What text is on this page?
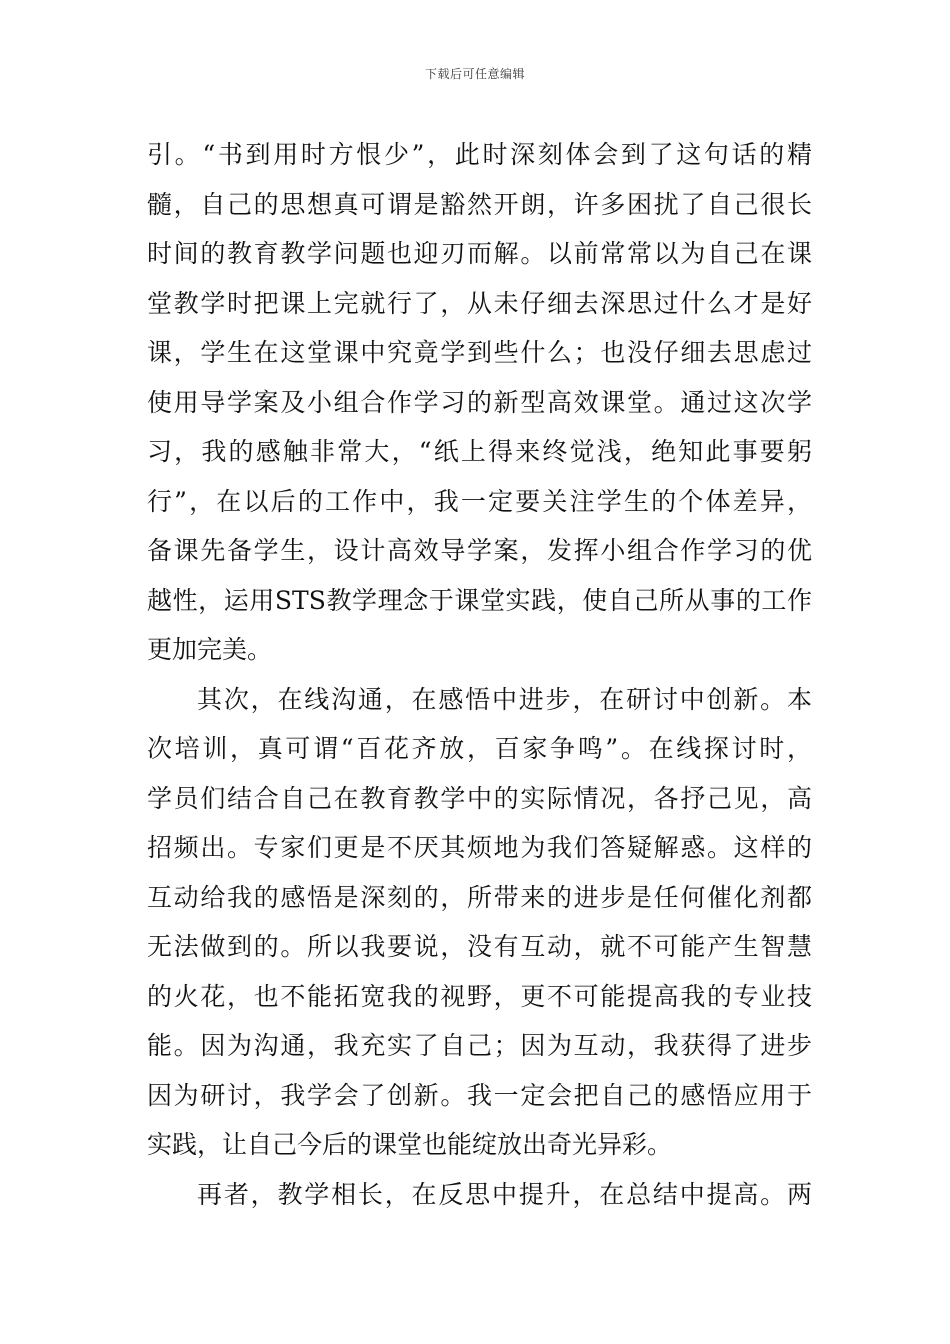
下载后可任意编辑
引。“书到用时方恨少”，此时深刻体会到了这句话的精
髓，自己的思想真可谓是豁然开朗，许多困扰了自己很长
时间的教育教学问题也迎刃而解。以前常常以为自己在课
堂教学时把课上完就行了，从未仔细去深思过什么才是好
课，学生在这堂课中究竟学到些什么；也没仔细去思虑过
使用导学案及小组合作学习的新型高效课堂。通过这次学
习，我的感触非常大，“纸上得来终觉浅，绝知此事要躬
行”，在以后的工作中，我一定要关注学生的个体差异，
备课先备学生，设计高效导学案，发挥小组合作学习的优
越性，运用STS教学理念于课堂实践，使自己所从事的工作
更加完美。
其次，在线沟通，在感悟中进步，在研讨中创新。本
次培训，真可谓“百花齐放，百家争鸣”。在线探讨时，
学员们结合自己在教育教学中的实际情况，各抒己见，高
招频出。专家们更是不厌其烦地为我们答疑解惑。这样的
互动给我的感悟是深刻的，所带来的进步是任何催化剂都
无法做到的。所以我要说，没有互动，就不可能产生智慧
的火花，也不能拓宽我的视野，更不可能提高我的专业技
能。因为沟通，我充实了自己；因为互动，我获得了进步
因为研讨，我学会了创新。我一定会把自己的感悟应用于
实践，让自己今后的课堂也能绽放出奇光异彩。
再者，教学相长，在反思中提升，在总结中提高。两
